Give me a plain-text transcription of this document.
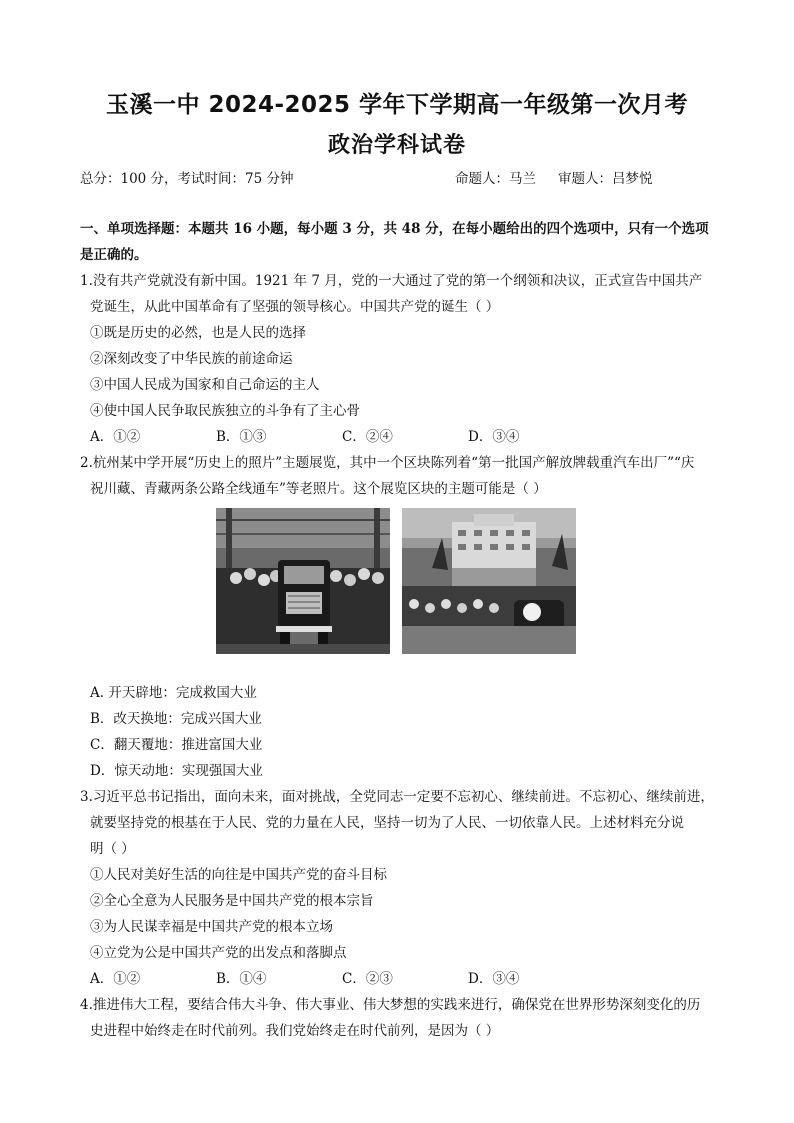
玉溪一中 2024-2025 学年下学期高一年级第一次月考
政治学科试卷
总分：100 分，考试时间：75 分钟	命题人：马兰 审题人：吕梦悦
一、单项选择题：本题共 16 小题，每小题 3 分，共 48 分，在每小题给出的四个选项中，只有一个选项
是正确的。
1.没有共产党就没有新中国。1921 年 7 月，党的一大通过了党的第一个纲领和决议，正式宣告中国共产
党诞生，从此中国革命有了坚强的领导核心。中国共产党的诞生（ ）
①既是历史的必然，也是人民的选择
②深刻改变了中华民族的前途命运
③中国人民成为国家和自己命运的主人
④使中国人民争取民族独立的斗争有了主心骨
A．①②	B．①③	C．②④	D．③④
2.杭州某中学开展“历史上的照片”主题展览，其中一个区块陈列着“第一批国产解放牌载重汽车出厂”“庆
祝川藏、青藏两条公路全线通车”等老照片。这个展览区块的主题可能是（ ）
A. 开天辟地：完成救国大业
B．改天换地：完成兴国大业
C．翻天覆地：推进富国大业
D．惊天动地：实现强国大业
3.习近平总书记指出，面向未来，面对挑战，全党同志一定要不忘初心、继续前进。不忘初心、继续前进，
就要坚持党的根基在于人民、党的力量在人民，坚持一切为了人民、一切依靠人民。上述材料充分说
明（ ）
①人民对美好生活的向往是中国共产党的奋斗目标
②全心全意为人民服务是中国共产党的根本宗旨
③为人民谋幸福是中国共产党的根本立场
④立党为公是中国共产党的出发点和落脚点
A．①②	B．①④	C．②③	D．③④
4.推进伟大工程，要结合伟大斗争、伟大事业、伟大梦想的实践来进行，确保党在世界形势深刻变化的历
史进程中始终走在时代前列。我们党始终走在时代前列，是因为（ ）
